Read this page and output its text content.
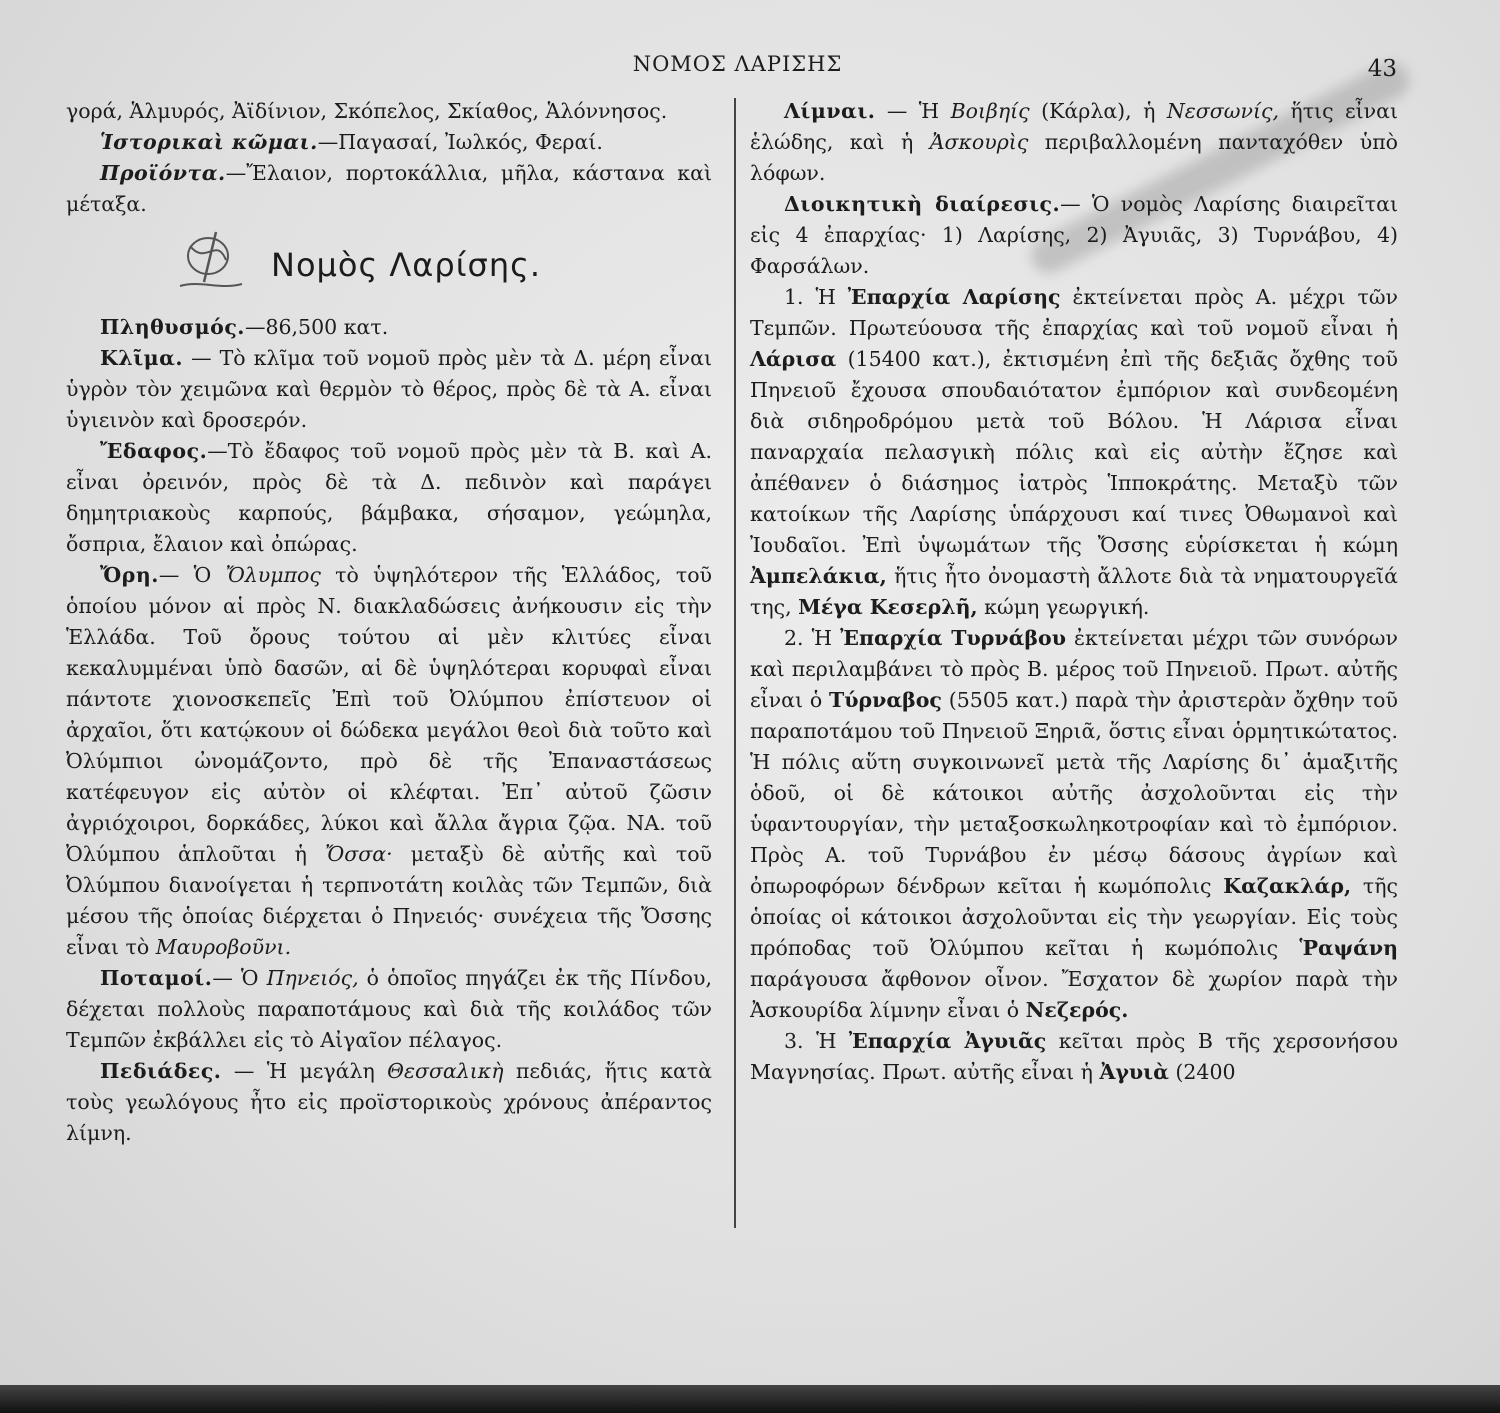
ΝΟΜΟΣ ΛΑΡΙΣΗΣ	43

γορά, Ἁλμυρός, Ἀϊδίνιον, Σκόπελος, Σκίαθος, Ἁλόννησος.

Ἱστορικαὶ κῶμαι.—Παγασαί, Ἰωλκός, Φεραί.

Προϊόντα.—Ἔλαιον, πορτοκάλλια, μῆλα, κάστανα καὶ μέταξα.

Νομὸς Λαρίσης.

Πληθυσμός.—86,500 κατ.

Κλῖμα. — Τὸ κλῖμα τοῦ νομοῦ πρὸς μὲν τὰ Δ. μέρη εἶναι ὑγρὸν τὸν χειμῶνα καὶ θερμὸν τὸ θέρος, πρὸς δὲ τὰ Α. εἶναι ὑγιεινὸν καὶ δροσερόν.

Ἔδαφος.—Τὸ ἔδαφος τοῦ νομοῦ πρὸς μὲν τὰ Β. καὶ Α. εἶναι ὀρεινόν, πρὸς δὲ τὰ Δ. πεδινὸν καὶ παράγει δημητριακοὺς καρπούς, βάμβακα, σήσαμον, γεώμηλα, ὄσπρια, ἔλαιον καὶ ὀπώρας.

Ὄρη.— Ὁ Ὄλυμπος τὸ ὑψηλότερον τῆς Ἑλλάδος, τοῦ ὁποίου μόνον αἱ πρὸς Ν. διακλαδώσεις ἀνήκουσιν εἰς τὴν Ἑλλάδα. Τοῦ ὄρους τούτου αἱ μὲν κλιτύες εἶναι κεκαλυμμέναι ὑπὸ δασῶν, αἱ δὲ ὑψηλότεραι κορυφαὶ εἶναι πάντοτε χιονοσκεπεῖς Ἐπὶ τοῦ Ὀλύμπου ἐπίστευον οἱ ἀρχαῖοι, ὅτι κατῴκουν οἱ δώδεκα μεγάλοι θεοὶ διὰ τοῦτο καὶ Ὀλύμπιοι ὠνομάζοντο, πρὸ δὲ τῆς Ἐπαναστάσεως κατέφευγον εἰς αὐτὸν οἱ κλέφται. Ἐπ᾽ αὐτοῦ ζῶσιν ἀγριόχοιροι, δορκάδες, λύκοι καὶ ἄλλα ἄγρια ζῷα. ΝΑ. τοῦ Ὀλύμπου ἁπλοῦται ἡ Ὄσσα· μεταξὺ δὲ αὐτῆς καὶ τοῦ Ὀλύμπου διανοίγεται ἡ τερπνοτάτη κοιλὰς τῶν Τεμπῶν, διὰ μέσου τῆς ὁποίας διέρχεται ὁ Πηνειός· συνέχεια τῆς Ὄσσης εἶναι τὸ Μαυροβοῦνι.

Ποταμοί.— Ὁ Πηνειός, ὁ ὁποῖος πηγάζει ἐκ τῆς Πίνδου, δέχεται πολλοὺς παραποτάμους καὶ διὰ τῆς κοιλάδος τῶν Τεμπῶν ἐκβάλλει εἰς τὸ Αἰγαῖον πέλαγος.

Πεδιάδες. — Ἡ μεγάλη Θεσσαλικὴ πεδιάς, ἥτις κατὰ τοὺς γεωλόγους ἦτο εἰς προϊστορικοὺς χρόνους ἀπέραντος λίμνη.

Λίμναι. — Ἡ Βοιβηίς (Κάρλα), ἡ Νεσσωνίς, ἥτις εἶναι ἑλώδης, καὶ ἡ Ἀσκουρὶς περιβαλλομένη πανταχόθεν ὑπὸ λόφων.

Διοικητικὴ διαίρεσις.— Ὁ νομὸς Λαρίσης διαιρεῖται εἰς 4 ἐπαρχίας· 1) Λαρίσης, 2) Ἀγυιᾶς, 3) Τυρνάβου, 4) Φαρσάλων.

1. Ἡ Ἐπαρχία Λαρίσης ἐκτείνεται πρὸς Α. μέχρι τῶν Τεμπῶν. Πρωτεύουσα τῆς ἐπαρχίας καὶ τοῦ νομοῦ εἶναι ἡ Λάρισα (15400 κατ.), ἐκτισμένη ἐπὶ τῆς δεξιᾶς ὄχθης τοῦ Πηνειοῦ ἔχουσα σπουδαιότατον ἐμπόριον καὶ συνδεομένη διὰ σιδηροδρόμου μετὰ τοῦ Βόλου. Ἡ Λάρισα εἶναι παναρχαία πελασγικὴ πόλις καὶ εἰς αὐτὴν ἔζησε καὶ ἀπέθανεν ὁ διάσημος ἰατρὸς Ἱπποκράτης. Μεταξὺ τῶν κατοίκων τῆς Λαρίσης ὑπάρχουσι καί τινες Ὀθωμανοὶ καὶ Ἰουδαῖοι. Ἐπὶ ὑψωμάτων τῆς Ὄσσης εὑρίσκεται ἡ κώμη Ἀμπελάκια, ἥτις ἦτο ὀνομαστὴ ἄλλοτε διὰ τὰ νηματουργεῖά της, Μέγα Κεσερλῆ, κώμη γεωργική.

2. Ἡ Ἐπαρχία Τυρνάβου ἐκτείνεται μέχρι τῶν συνόρων καὶ περιλαμβάνει τὸ πρὸς Β. μέρος τοῦ Πηνειοῦ. Πρωτ. αὐτῆς εἶναι ὁ Τύρναβος (5505 κατ.) παρὰ τὴν ἀριστερὰν ὄχθην τοῦ παραποτάμου τοῦ Πηνειοῦ Ξηριᾶ, ὅστις εἶναι ὁρμητικώτατος. Ἡ πόλις αὕτη συγκοινωνεῖ μετὰ τῆς Λαρίσης δι᾽ ἁμαξιτῆς ὁδοῦ, οἱ δὲ κάτοικοι αὐτῆς ἀσχολοῦνται εἰς τὴν ὑφαντουργίαν, τὴν μεταξοσκωληκοτροφίαν καὶ τὸ ἐμπόριον. Πρὸς Α. τοῦ Τυρνάβου ἐν μέσῳ δάσους ἀγρίων καὶ ὀπωροφόρων δένδρων κεῖται ἡ κωμόπολις Καζακλάρ, τῆς ὁποίας οἱ κάτοικοι ἀσχολοῦνται εἰς τὴν γεωργίαν. Εἰς τοὺς πρόποδας τοῦ Ὀλύμπου κεῖται ἡ κωμόπολις Ῥαψάνη παράγουσα ἄφθονον οἶνον. Ἔσχατον δὲ χωρίον παρὰ τὴν Ἀσκουρίδα λίμνην εἶναι ὁ Νεζερός.

3. Ἡ Ἐπαρχία Ἀγυιᾶς κεῖται πρὸς Β τῆς χερσονήσου Μαγνησίας. Πρωτ. αὐτῆς εἶναι ἡ Ἀγυιὰ (2400
